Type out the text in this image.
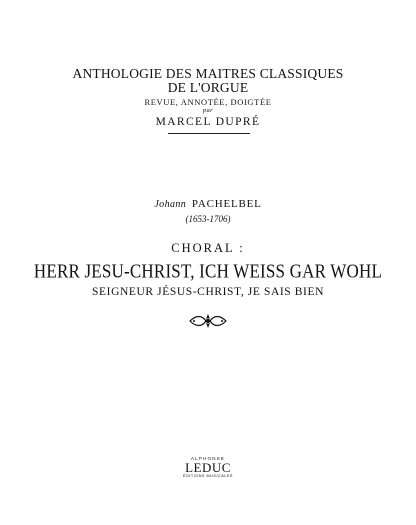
ANTHOLOGIE DES MAITRES CLASSIQUES
DE L'ORGUE
REVUE, ANNOTÉE, DOIGTÉE
par
MARCEL DUPRÉ
Johann PACHELBEL
(1653-1706)
CHORAL :
HERR JESU-CHRIST, ICH WEISS GAR WOHL
SEIGNEUR JÉSUS-CHRIST, JE SAIS BIEN
ALPHONSE
LEDUC
ÉDITIONS MUSICALES
